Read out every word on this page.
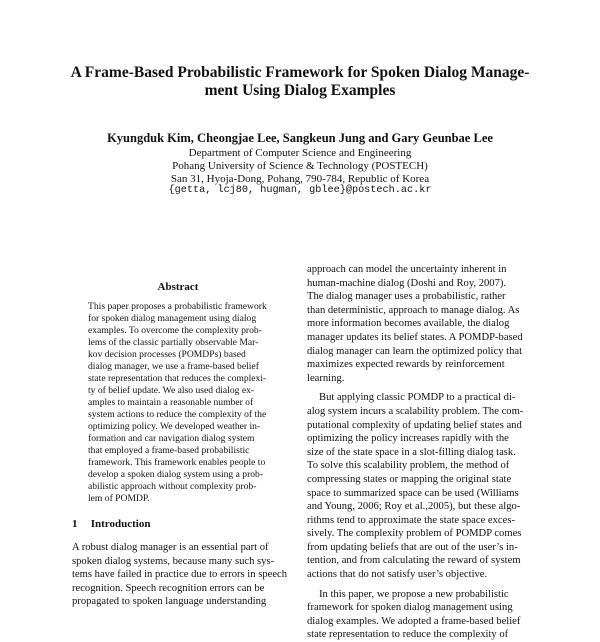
A Frame-Based Probabilistic Framework for Spoken Dialog Manage-
ment Using Dialog Examples
Kyungduk Kim, Cheongjae Lee, Sangkeun Jung and Gary Geunbae Lee
Department of Computer Science and Engineering
Pohang University of Science & Technology (POSTECH)
San 31, Hyoja-Dong, Pohang, 790-784, Republic of Korea
{getta, lcj80, hugman, gblee}@postech.ac.kr
Abstract
This paper proposes a probabilistic framework
for spoken dialog management using dialog
examples. To overcome the complexity prob-
lems of the classic partially observable Mar-
kov decision processes (POMDPs) based
dialog manager, we use a frame-based belief
state representation that reduces the complexi-
ty of belief update. We also used dialog ex-
amples to maintain a reasonable number of
system actions to reduce the complexity of the
optimizing policy. We developed weather in-
formation and car navigation dialog system
that employed a frame-based probabilistic
framework. This framework enables people to
develop a spoken dialog system using a prob-
abilistic approach without complexity prob-
lem of POMDP.
1 Introduction
A robust dialog manager is an essential part of
spoken dialog systems, because many such sys-
tems have failed in practice due to errors in speech
recognition. Speech recognition errors can be
propagated to spoken language understanding
approach can model the uncertainty inherent in
human-machine dialog (Doshi and Roy, 2007).
The dialog manager uses a probabilistic, rather
than deterministic, approach to manage dialog. As
more information becomes available, the dialog
manager updates its belief states. A POMDP-based
dialog manager can learn the optimized policy that
maximizes expected rewards by reinforcement
learning.
But applying classic POMDP to a practical di-
alog system incurs a scalability problem. The com-
putational complexity of updating belief states and
optimizing the policy increases rapidly with the
size of the state space in a slot-filling dialog task.
To solve this scalability problem, the method of
compressing states or mapping the original state
space to summarized space can be used (Williams
and Young, 2006; Roy et al.,2005), but these algo-
rithms tend to approximate the state space exces-
sively. The complexity problem of POMDP comes
from updating beliefs that are out of the user’s in-
tention, and from calculating the reward of system
actions that do not satisfy user’s objective.
In this paper, we propose a new probabilistic
framework for spoken dialog management using
dialog examples. We adopted a frame-based belief
state representation to reduce the complexity of
